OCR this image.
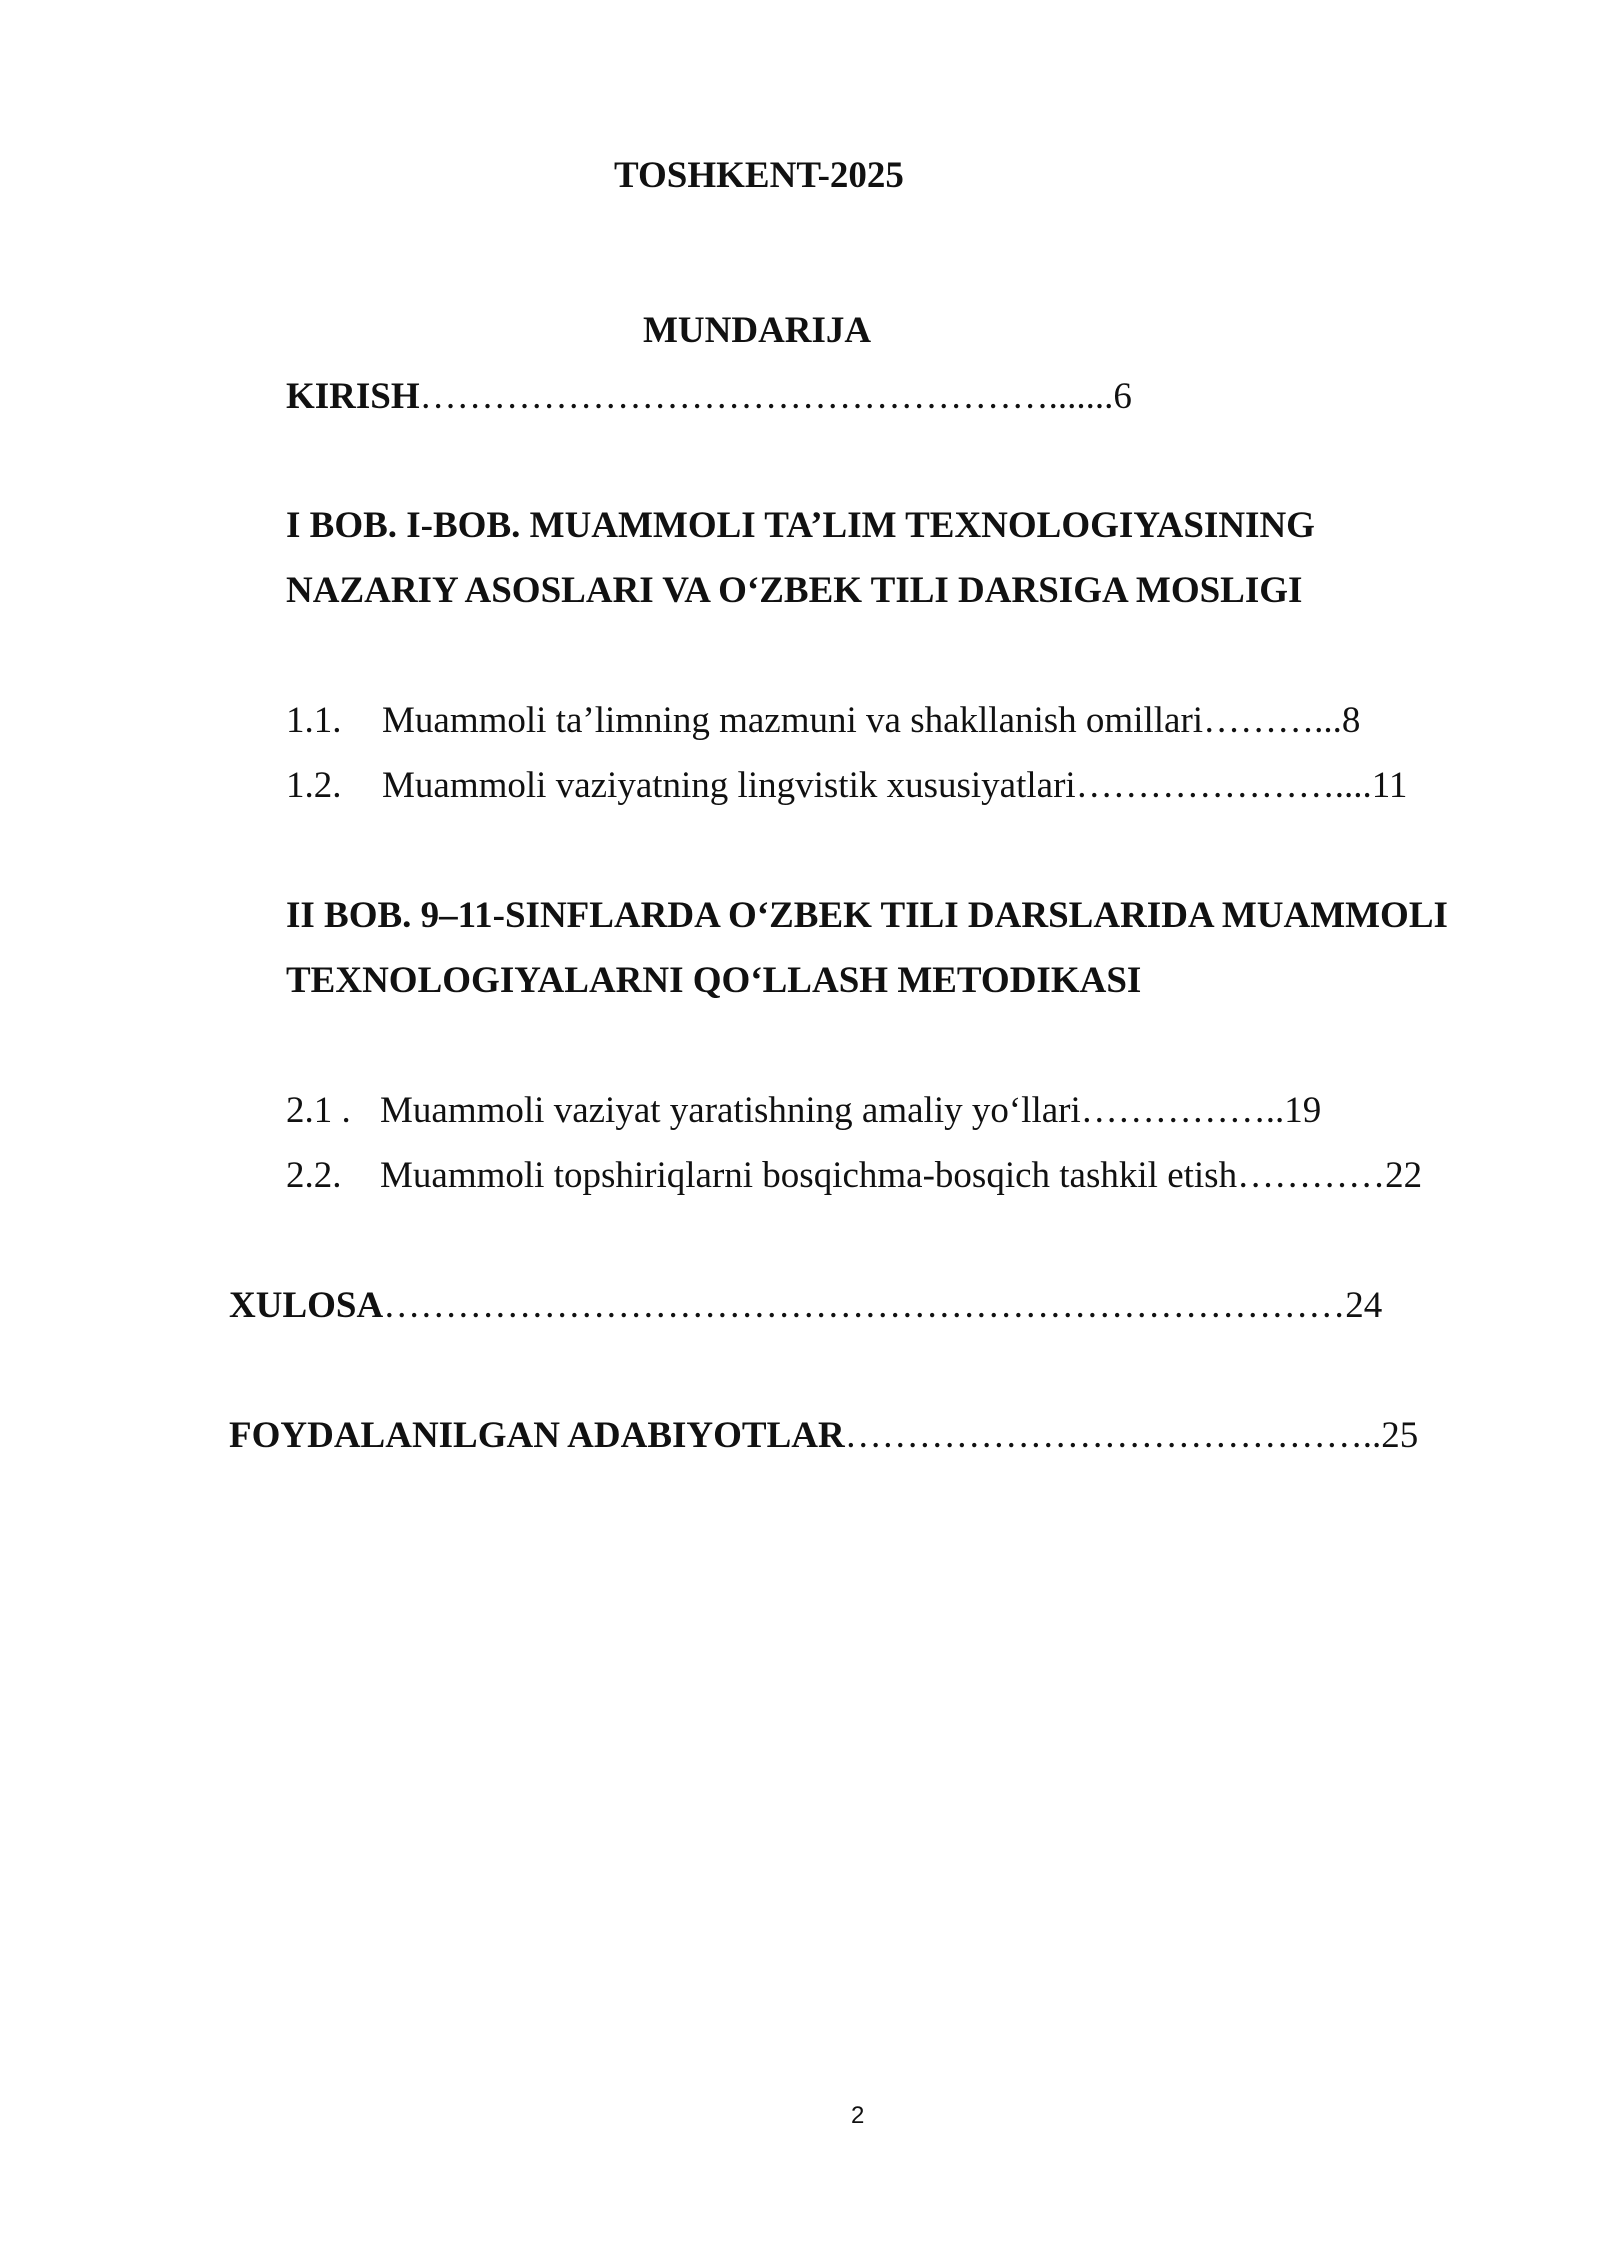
TOSHKENT-2025
MUNDARIJA
KIRISH…………………………………………….......6
I BOB. I-BOB. MUAMMOLI TA’LIM TEXNOLOGIYASINING
NAZARIY ASOSLARI VA O‘ZBEK TILI DARSIGA MOSLIGI
1.1. Muammoli ta’limning mazmuni va shakllanish omillari………...8
1.2. Muammoli vaziyatning lingvistik xususiyatlari…………………....11
II BOB. 9–11-SINFLARDA O‘ZBEK TILI DARSLARIDA MUAMMOLI
TEXNOLOGIYALARNI QO‘LLASH METODIKASI
2.1 . Muammoli vaziyat yaratishning amaliy yo‘llari……………..19
2.2. Muammoli topshiriqlarni bosqichma-bosqich tashkil etish…………22
XULOSA……………………………………………………………………24
FOYDALANILGAN ADABIYOTLAR……………………………………..25
2
